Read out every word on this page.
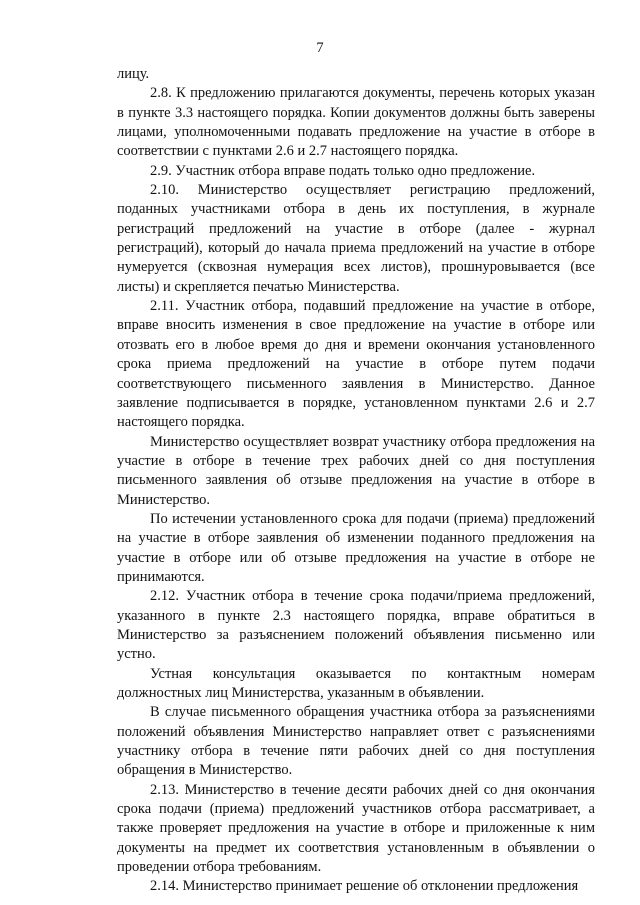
7

лицу.

2.8. К предложению прилагаются документы, перечень которых указан в пункте 3.3 настоящего порядка. Копии документов должны быть заверены лицами, уполномоченными подавать предложение на участие в отборе в соответствии с пунктами 2.6 и 2.7 настоящего порядка.

2.9. Участник отбора вправе подать только одно предложение.

2.10. Министерство осуществляет регистрацию предложений, поданных участниками отбора в день их поступления, в журнале регистраций предложений на участие в отборе (далее - журнал регистраций), который до начала приема предложений на участие в отборе нумеруется (сквозная нумерация всех листов), прошнуровывается (все листы) и скрепляется печатью Министерства.

2.11. Участник отбора, подавший предложение на участие в отборе, вправе вносить изменения в свое предложение на участие в отборе или отозвать его в любое время до дня и времени окончания установленного срока приема предложений на участие в отборе путем подачи соответствующего письменного заявления в Министерство. Данное заявление подписывается в порядке, установленном пунктами 2.6 и 2.7 настоящего порядка.

Министерство осуществляет возврат участнику отбора предложения на участие в отборе в течение трех рабочих дней со дня поступления письменного заявления об отзыве предложения на участие в отборе в Министерство.

По истечении установленного срока для подачи (приема) предложений на участие в отборе заявления об изменении поданного предложения на участие в отборе или об отзыве предложения на участие в отборе не принимаются.

2.12. Участник отбора в течение срока подачи/приема предложений, указанного в пункте 2.3 настоящего порядка, вправе обратиться в Министерство за разъяснением положений объявления письменно или устно.

Устная консультация оказывается по контактным номерам должностных лиц Министерства, указанным в объявлении.

В случае письменного обращения участника отбора за разъяснениями положений объявления Министерство направляет ответ с разъяснениями участнику отбора в течение пяти рабочих дней со дня поступления обращения в Министерство.

2.13. Министерство в течение десяти рабочих дней со дня окончания срока подачи (приема) предложений участников отбора рассматривает, а также проверяет предложения на участие в отборе и приложенные к ним документы на предмет их соответствия установленным в объявлении о проведении отбора требованиям.

2.14. Министерство принимает решение об отклонении предложения
